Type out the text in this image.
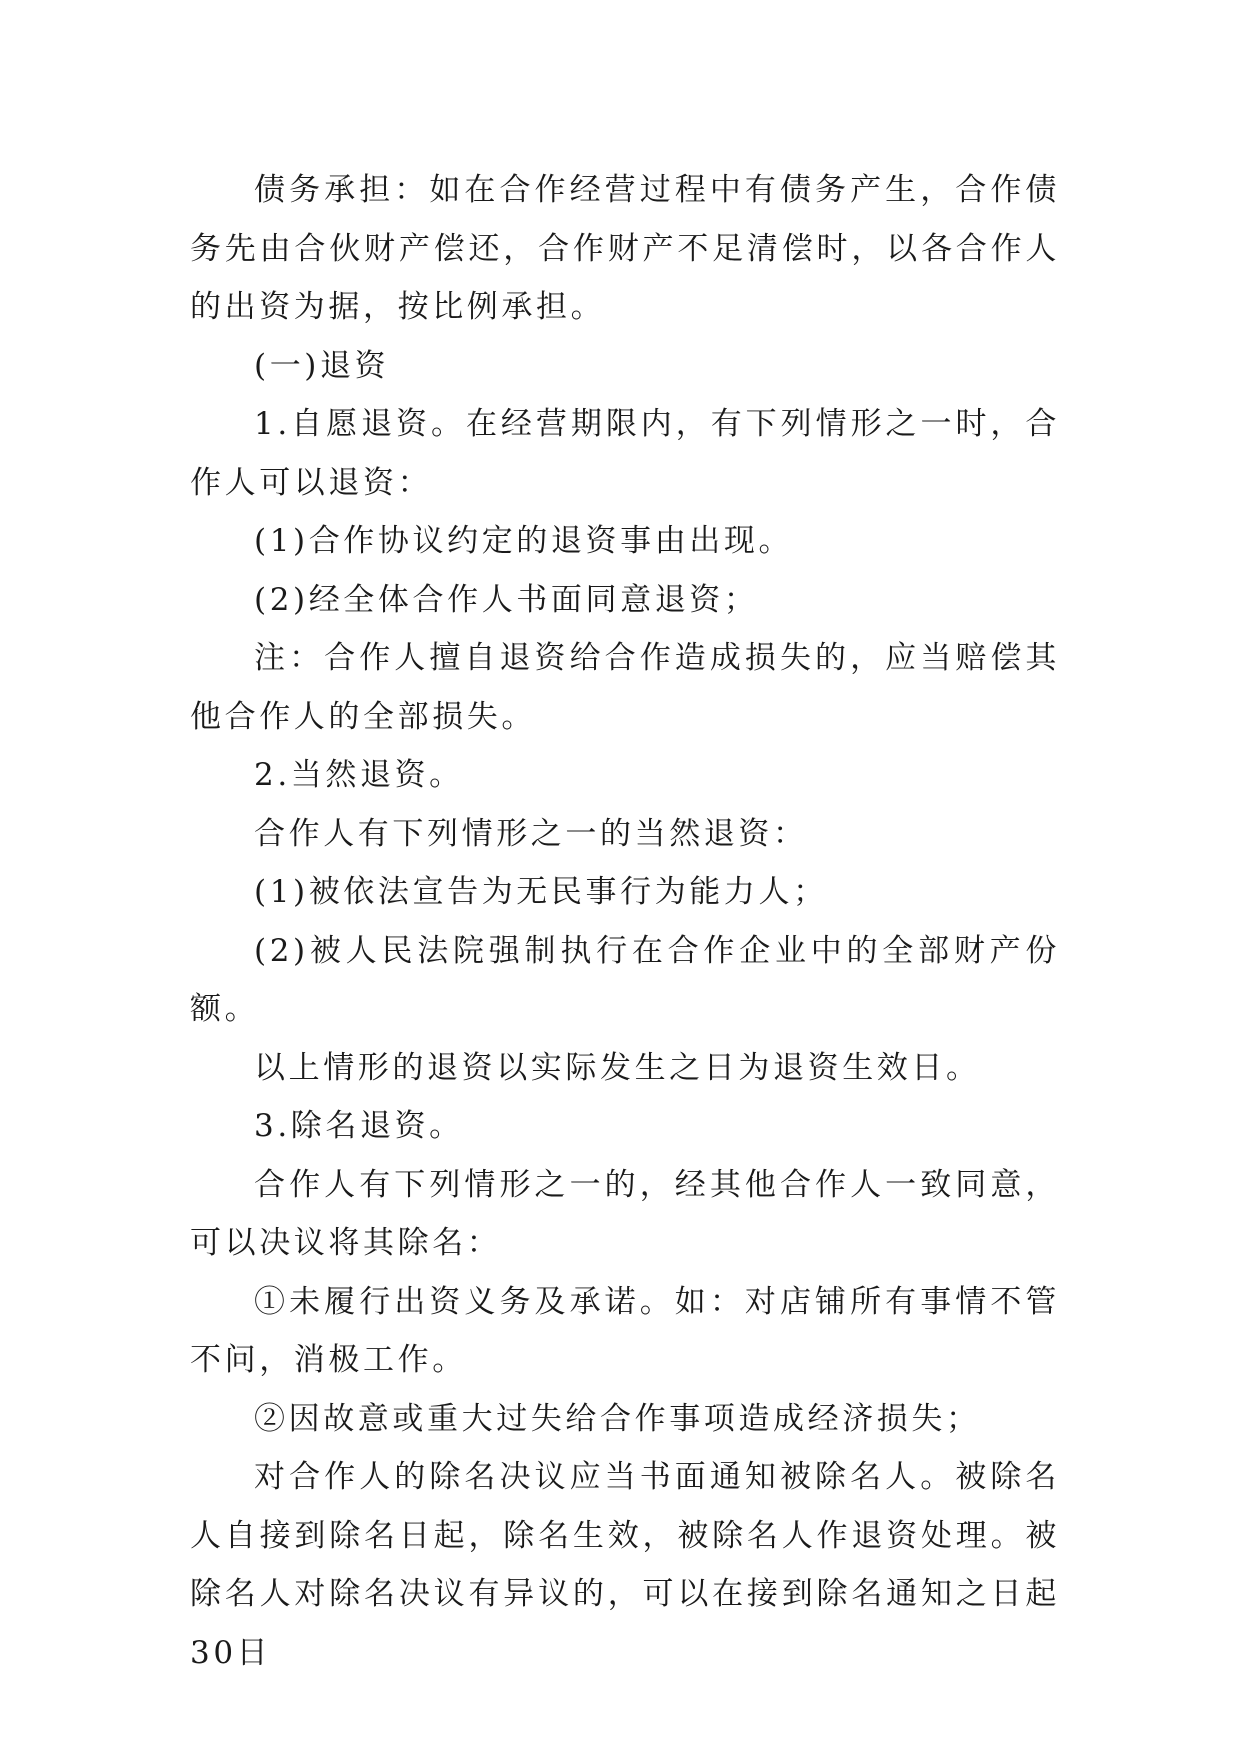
债务承担：如在合作经营过程中有债务产生，合作债务先由合伙财产偿还，合作财产不足清偿时，以各合作人的出资为据，按比例承担。

(一)退资

1.自愿退资。在经营期限内，有下列情形之一时，合作人可以退资：

(1)合作协议约定的退资事由出现。

(2)经全体合作人书面同意退资；

注：合作人擅自退资给合作造成损失的，应当赔偿其他合作人的全部损失。

2.当然退资。

合作人有下列情形之一的当然退资：

(1)被依法宣告为无民事行为能力人；

(2)被人民法院强制执行在合作企业中的全部财产份额。

以上情形的退资以实际发生之日为退资生效日。

3.除名退资。

合作人有下列情形之一的，经其他合作人一致同意，可以决议将其除名：

①未履行出资义务及承诺。如：对店铺所有事情不管不问，消极工作。

②因故意或重大过失给合作事项造成经济损失；

对合作人的除名决议应当书面通知被除名人。被除名人自接到除名日起，除名生效，被除名人作退资处理。被除名人对除名决议有异议的，可以在接到除名通知之日起30日
